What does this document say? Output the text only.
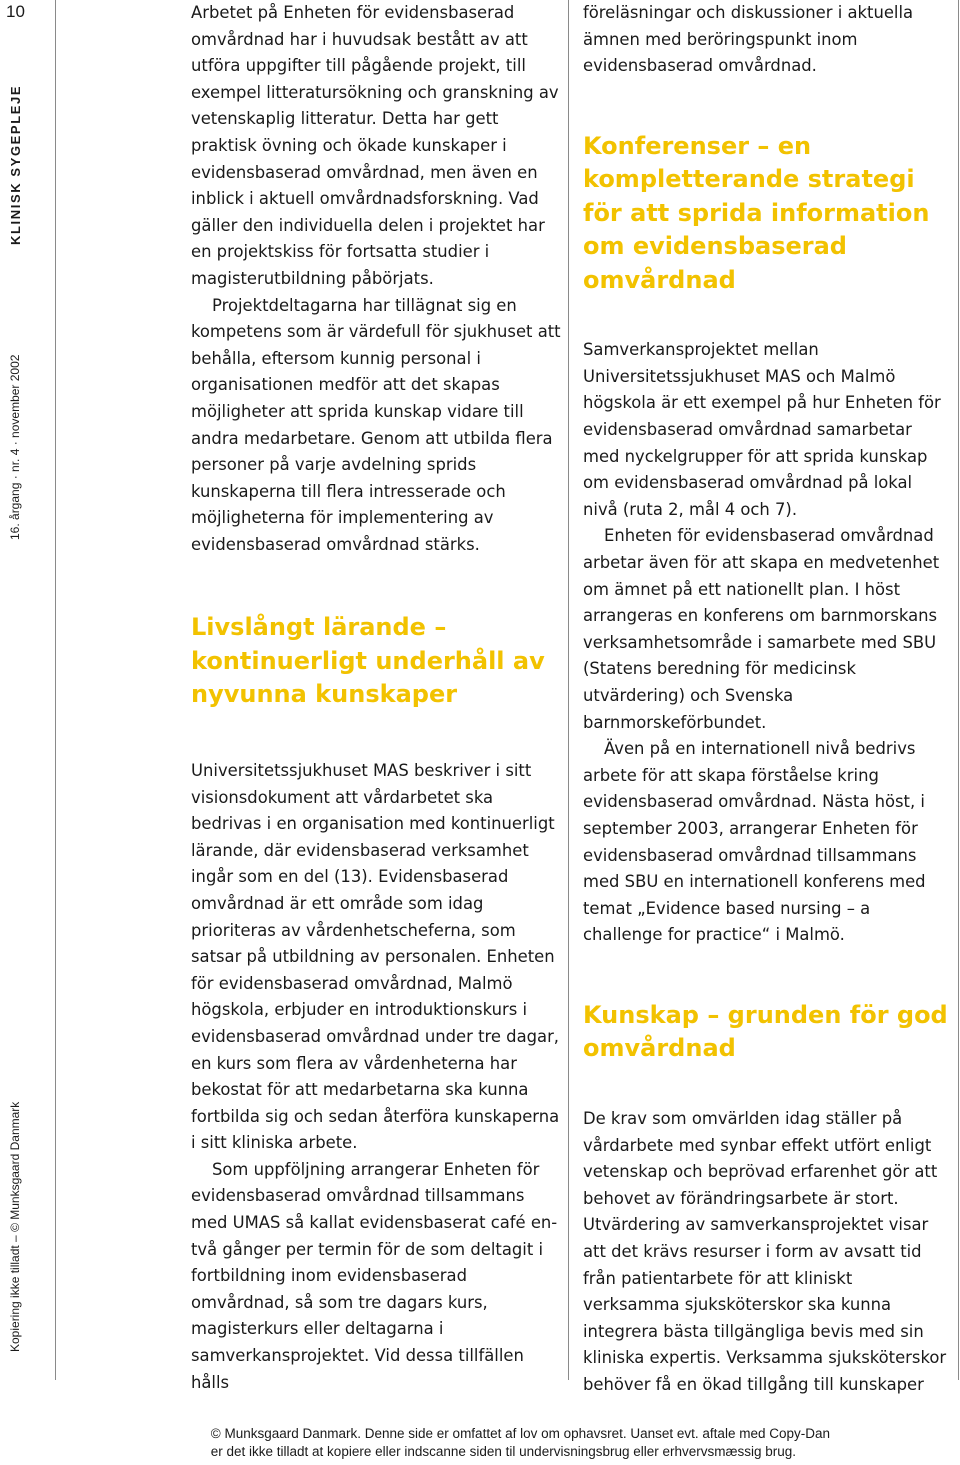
10
KLINISK SYGEPLEJE
16. årgang · nr. 4 · november 2002
Kopiering ikke tilladt – © Munksgaard Danmark

Arbetet på Enheten för evidensbaserad omvårdnad har i huvudsak bestått av att utföra uppgifter till pågående projekt, till exempel litteratursökning och granskning av vetenskaplig litteratur. Detta har gett praktisk övning och ökade kunskaper i evidensbaserad omvårdnad, men även en inblick i aktuell omvårdnadsforskning. Vad gäller den individuella delen i projektet har en projektskiss för fortsatta studier i magisterutbildning påbörjats.

Projektdeltagarna har tillägnat sig en kompetens som är värdefull för sjukhuset att behålla, eftersom kunnig personal i organisationen medför att det skapas möjligheter att sprida kunskap vidare till andra medarbetare. Genom att utbilda flera personer på varje avdelning sprids kunskaperna till flera intresserade och möjligheterna för implementering av evidensbaserad omvårdnad stärks.

Livslångt lärande – kontinuerligt underhåll av nyvunna kunskaper

Universitetssjukhuset MAS beskriver i sitt visionsdokument att vårdarbetet ska bedrivas i en organisation med kontinuerligt lärande, där evidensbaserad verksamhet ingår som en del (13). Evidensbaserad omvårdnad är ett område som idag prioriteras av vårdenhetscheferna, som satsar på utbildning av personalen. Enheten för evidensbaserad omvårdnad, Malmö högskola, erbjuder en introduktionskurs i evidensbaserad omvårdnad under tre dagar, en kurs som flera av vårdenheterna har bekostat för att medarbetarna ska kunna fortbilda sig och sedan återföra kunskaperna i sitt kliniska arbete.

Som uppföljning arrangerar Enheten för evidensbaserad omvårdnad tillsammans med UMAS så kallat evidensbaserat café en-två gånger per termin för de som deltagit i fortbildning inom evidensbaserad omvårdnad, så som tre dagars kurs, magisterkurs eller deltagarna i samverkansprojektet. Vid dessa tillfällen hålls

föreläsningar och diskussioner i aktuella ämnen med beröringspunkt inom evidensbaserad omvårdnad.

Konferenser – en kompletterande strategi för att sprida information om evidensbaserad omvårdnad

Samverkansprojektet mellan Universitetssjukhuset MAS och Malmö högskola är ett exempel på hur Enheten för evidensbaserad omvårdnad samarbetar med nyckelgrupper för att sprida kunskap om evidensbaserad omvårdnad på lokal nivå (ruta 2, mål 4 och 7).

Enheten för evidensbaserad omvårdnad arbetar även för att skapa en medvetenhet om ämnet på ett nationellt plan. I höst arrangeras en konferens om barnmorskans verksamhetsområde i samarbete med SBU (Statens beredning för medicinsk utvärdering) och Svenska barnmorskeförbundet.

Även på en internationell nivå bedrivs arbete för att skapa förståelse kring evidensbaserad omvårdnad. Nästa höst, i september 2003, arrangerar Enheten för evidensbaserad omvårdnad tillsammans med SBU en internationell konferens med temat „Evidence based nursing – a challenge for practice“ i Malmö.

Kunskap – grunden för god omvårdnad

De krav som omvärlden idag ställer på vårdarbete med synbar effekt utfört enligt vetenskap och beprövad erfarenhet gör att behovet av förändringsarbete är stort. Utvärdering av samverkansprojektet visar att det krävs resurser i form av avsatt tid från patientarbete för att kliniskt verksamma sjuksköterskor ska kunna integrera bästa tillgängliga bevis med sin kliniska expertis. Verksamma sjuksköterskor behöver få en ökad tillgång till kunskaper

© Munksgaard Danmark. Denne side er omfattet af lov om ophavsret. Uanset evt. aftale med Copy-Dan
er det ikke tilladt at kopiere eller indscanne siden til undervisningsbrug eller erhvervsmæssig brug.
